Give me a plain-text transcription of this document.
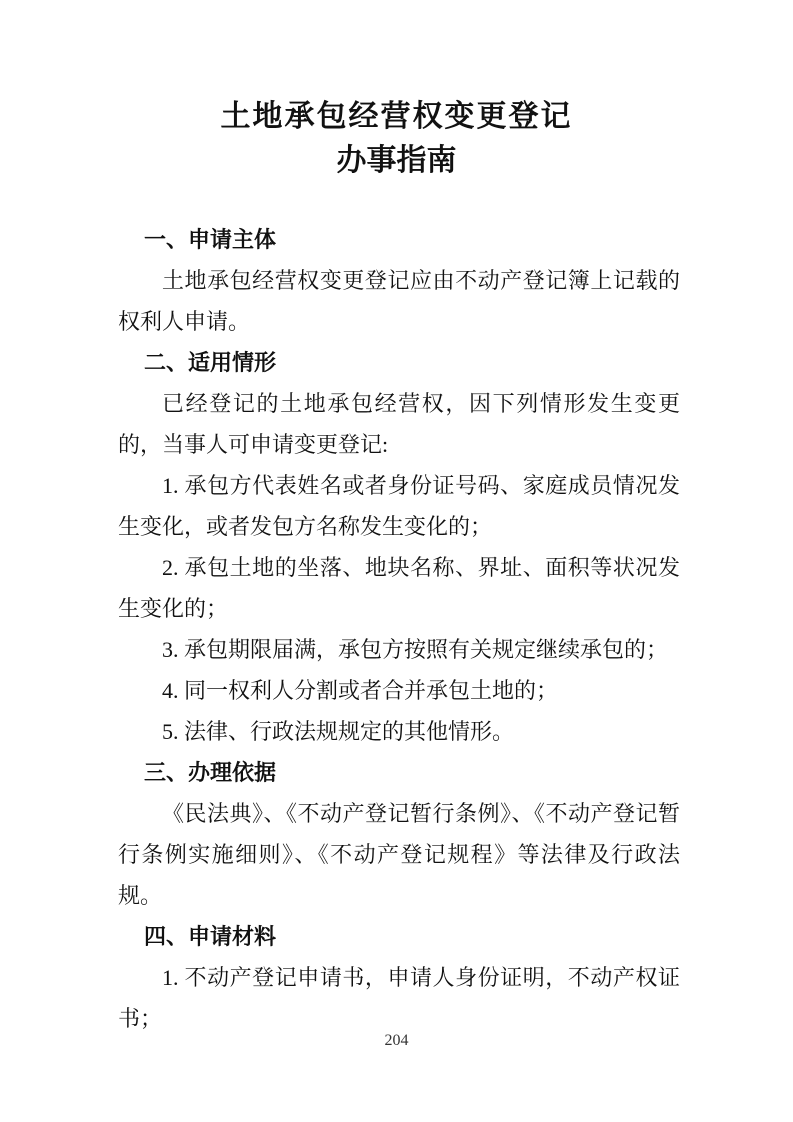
土地承包经营权变更登记
办事指南
一、申请主体

土地承包经营权变更登记应由不动产登记簿上记载的权利人申请。

二、适用情形

已经登记的土地承包经营权，因下列情形发生变更的，当事人可申请变更登记:

1. 承包方代表姓名或者身份证号码、家庭成员情况发生变化，或者发包方名称发生变化的；

2. 承包土地的坐落、地块名称、界址、面积等状况发生变化的；

3. 承包期限届满，承包方按照有关规定继续承包的；

4. 同一权利人分割或者合并承包土地的；

5. 法律、行政法规规定的其他情形。

三、办理依据

《民法典》、《不动产登记暂行条例》、《不动产登记暂行条例实施细则》、《不动产登记规程》等法律及行政法规。

四、申请材料

1. 不动产登记申请书，申请人身份证明，不动产权证书；

204
